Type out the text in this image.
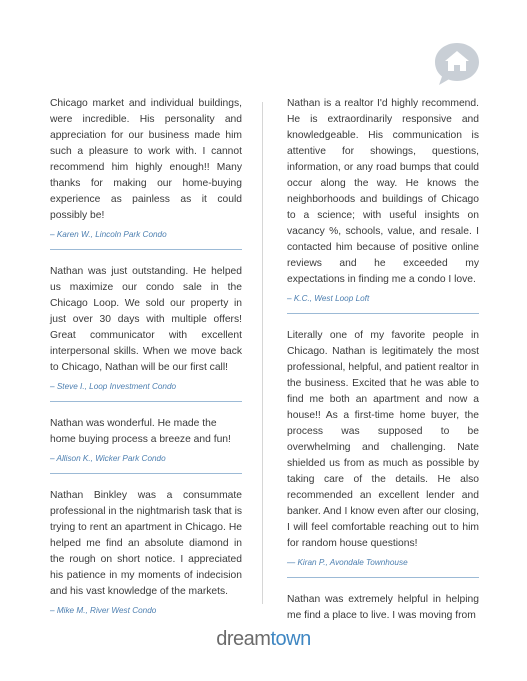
Chicago market and individual buildings, were incredible. His personality and appreciation for our business made him such a pleasure to work with. I cannot recommend him highly enough!! Many thanks for making our home-buying experience as painless as it could possibly be!

– Karen W., Lincoln Park Condo

Nathan was just outstanding. He helped us maximize our condo sale in the Chicago Loop. We sold our property in just over 30 days with multiple offers! Great communicator with excellent interpersonal skills. When we move back to Chicago, Nathan will be our first call!

– Steve I., Loop Investment Condo

Nathan was wonderful. He made the home buying process a breeze and fun!

– Allison K., Wicker Park Condo

Nathan Binkley was a consummate professional in the nightmarish task that is trying to rent an apartment in Chicago. He helped me find an absolute diamond in the rough on short notice. I appreciated his patience in my moments of indecision and his vast knowledge of the markets.

– Mike M., River West Condo

Nathan is a realtor I'd highly recommend. He is extraordinarily responsive and knowledgeable. His communication is attentive for showings, questions, information, or any road bumps that could occur along the way. He knows the neighborhoods and buildings of Chicago to a science; with useful insights on vacancy %, schools, value, and resale. I contacted him because of positive online reviews and he exceeded my expectations in finding me a condo I love.

– K.C., West Loop Loft

Literally one of my favorite people in Chicago. Nathan is legitimately the most professional, helpful, and patient realtor in the business. Excited that he was able to find me both an apartment and now a house!! As a first-time home buyer, the process was supposed to be overwhelming and challenging. Nate shielded us from as much as possible by taking care of the details. He also recommended an excellent lender and banker. And I know even after our closing, I will feel comfortable reaching out to him for random house questions!

— Kiran P., Avondale Townhouse

Nathan was extremely helpful in helping me find a place to live. I was moving from

dreamtown
